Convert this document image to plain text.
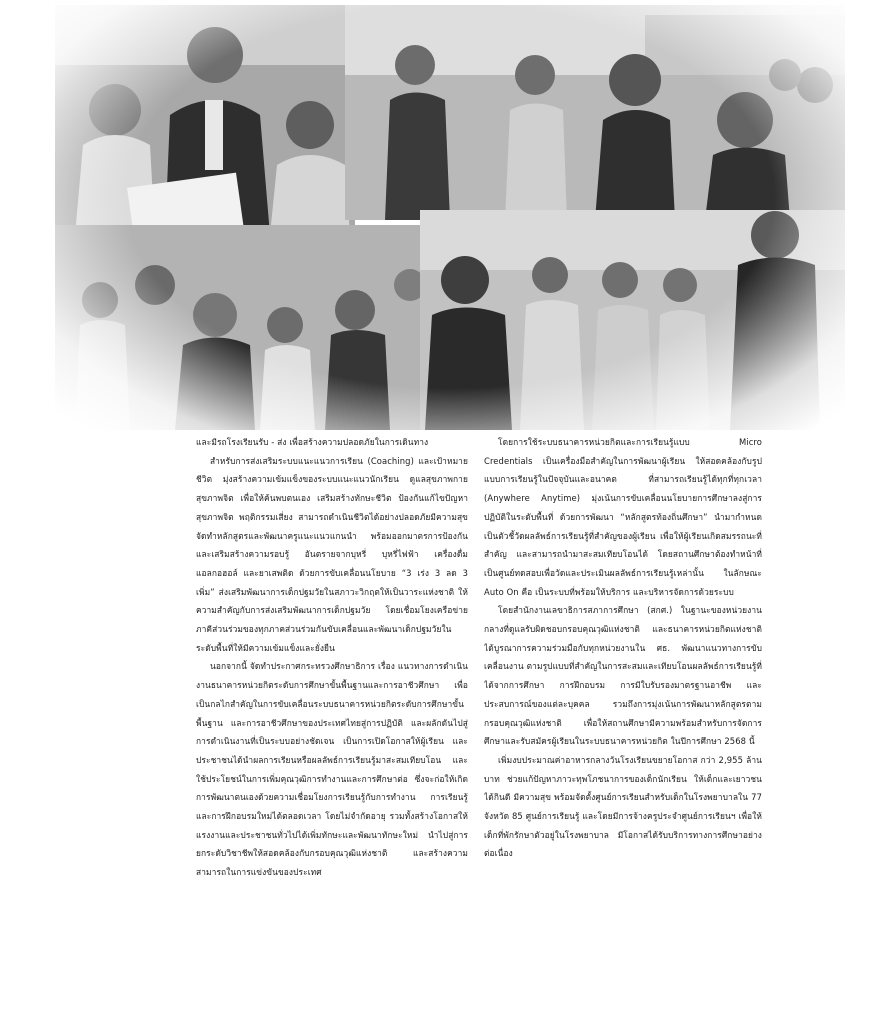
และมีรถโรงเรียนรับ - ส่ง เพื่อสร้างความปลอดภัยในการเดินทาง

สำหรับการส่งเสริมระบบแนะแนวการเรียน (Coaching) และเป้าหมายชีวิต มุ่งสร้างความเข้มแข็งของระบบแนะแนวนักเรียน ดูแลสุขภาพกาย สุขภาพจิต เพื่อให้ค้นพบตนเอง เสริมสร้างทักษะชีวิต ป้องกันแก้ไขปัญหาสุขภาพจิต พฤติกรรมเสี่ยง สามารถดำเนินชีวิตได้อย่างปลอดภัยมีความสุข จัดทำหลักสูตรและพัฒนาครูแนะแนวแกนนำ พร้อมออกมาตรการป้องกันและเสริมสร้างความรอบรู้ อันตรายจากบุหรี่ บุหรี่ไฟฟ้า เครื่องดื่มแอลกอฮอล์ และยาเสพติด ด้วยการขับเคลื่อนนโยบาย “3 เร่ง 3 ลด 3 เพิ่ม” ส่งเสริมพัฒนาการเด็กปฐมวัยในสภาวะวิกฤตให้เป็นวาระแห่งชาติ ให้ความสำคัญกับการส่งเสริมพัฒนาการเด็กปฐมวัย โดยเชื่อมโยงเครือข่ายภาคีส่วนร่วมของทุกภาคส่วนร่วมกันขับเคลื่อนและพัฒนาเด็กปฐมวัยในระดับพื้นที่ให้มีความเข้มแข็งและยั่งยืน

นอกจากนี้ จัดทำประกาศกระทรวงศึกษาธิการ เรื่อง แนวทางการดำเนินงานธนาคารหน่วยกิตระดับการศึกษาขั้นพื้นฐานและการอาชีวศึกษา เพื่อเป็นกลไกสำคัญในการขับเคลื่อนระบบธนาคารหน่วยกิตระดับการศึกษาขั้นพื้นฐาน และการอาชีวศึกษาของประเทศไทยสู่การปฏิบัติ และผลักดันไปสู่การดำเนินงานที่เป็นระบบอย่างชัดเจน เป็นการเปิดโอกาสให้ผู้เรียน และประชาชนได้นำผลการเรียนหรือผลลัพธ์การเรียนรู้มาสะสมเทียบโอน และใช้ประโยชน์ในการเพิ่มคุณวุฒิการทำงานและการศึกษาต่อ ซึ่งจะก่อให้เกิดการพัฒนาตนเองด้วยความเชื่อมโยงการเรียนรู้กับการทำงาน การเรียนรู้และการฝึกอบรมใหม่ได้ตลอดเวลา โดยไม่จำกัดอายุ รวมทั้งสร้างโอกาสให้แรงงานและประชาชนทั่วไปได้เพิ่มทักษะและพัฒนาทักษะใหม่ นำไปสู่การยกระดับวิชาชีพให้สอดคล้องกับกรอบคุณวุฒิแห่งชาติ และสร้างความสามารถในการแข่งขันของประเทศ

โดยการใช้ระบบธนาคารหน่วยกิตและการเรียนรู้แบบ Micro Credentials เป็นเครื่องมือสำคัญในการพัฒนาผู้เรียน ให้สอดคล้องกับรูปแบบการเรียนรู้ในปัจจุบันและอนาคต ที่สามารถเรียนรู้ได้ทุกที่ทุกเวลา (Anywhere Anytime) มุ่งเน้นการขับเคลื่อนนโยบายการศึกษาลงสู่การปฏิบัติในระดับพื้นที่ ด้วยการพัฒนา “หลักสูตรท้องถิ่นศึกษา” นำมากำหนดเป็นตัวชี้วัดผลลัพธ์การเรียนรู้ที่สำคัญของผู้เรียน เพื่อให้ผู้เรียนเกิดสมรรถนะที่สำคัญ และสามารถนำมาสะสมเทียบโอนได้ โดยสถานศึกษาต้องทำหน้าที่เป็นศูนย์ทดสอบเพื่อวัดและประเมินผลลัพธ์การเรียนรู้เหล่านั้น ในลักษณะ Auto On คือ เป็นระบบที่พร้อมให้บริการ และบริหารจัดการด้วยระบบ

โดยสำนักงานเลขาธิการสภาการศึกษา (สกศ.) ในฐานะของหน่วยงานกลางที่ดูแลรับผิดชอบกรอบคุณวุฒิแห่งชาติ และธนาคารหน่วยกิตแห่งชาติได้บูรณาการความร่วมมือกับทุกหน่วยงานใน ศธ. พัฒนาแนวทางการขับเคลื่อนงาน ตามรูปแบบที่สำคัญในการสะสมและเทียบโอนผลลัพธ์การเรียนรู้ที่ได้จากการศึกษา การฝึกอบรม การมีใบรับรองมาตรฐานอาชีพ และประสบการณ์ของแต่ละบุคคล รวมถึงการมุ่งเน้นการพัฒนาหลักสูตรตามกรอบคุณวุฒิแห่งชาติ เพื่อให้สถานศึกษามีความพร้อมสำหรับการจัดการศึกษาและรับสมัครผู้เรียนในระบบธนาคารหน่วยกิต ในปีการศึกษา 2568 นี้

เพิ่มงบประมาณค่าอาหารกลางวันโรงเรียนขยายโอกาส กว่า 2,955 ล้านบาท ช่วยแก้ปัญหาภาวะทุพโภชนาการของเด็กนักเรียน ให้เด็กและเยาวชนได้กินดี มีความสุข พร้อมจัดตั้งศูนย์การเรียนสำหรับเด็กในโรงพยาบาลใน 77 จังหวัด 85 ศูนย์การเรียนรู้ และโดยมีการจ้างครูประจำศูนย์การเรียนฯ เพื่อให้เด็กที่พักรักษาตัวอยู่ในโรงพยาบาล มีโอกาสได้รับบริการทางการศึกษาอย่างต่อเนื่อง
